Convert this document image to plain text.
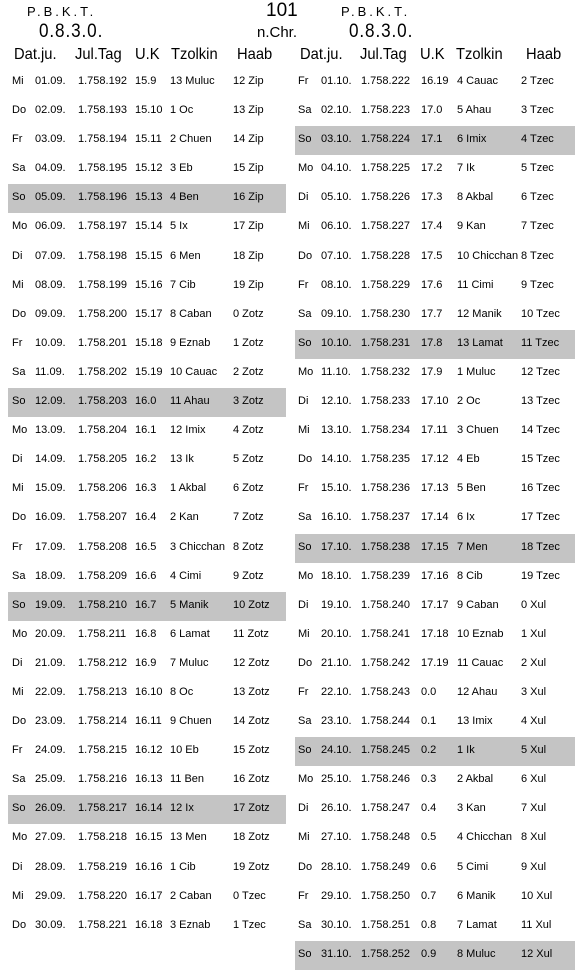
P.B.K.T.
0.8.3.0.
101
n.Chr.
P.B.K.T.
0.8.3.0.
Dat.ju. Jul.Tag U.K Tzolkin Haab Dat.ju. Jul.Tag U.K Tzolkin Haab
Mi 01.09. 1.758.192 15.9 13 Muluc 12 Zip
Do 02.09. 1.758.193 15.10 1 Oc	13 Zip
Fr 03.09. 1.758.194 15.11 2 Chuen 14 Zip
Sa 04.09. 1.758.195 15.12 3 Eb	15 Zip
So 05.09. 1.758.196 15.13 4 Ben	16 Zip
Mo 06.09. 1.758.197 15.14 5 Ix	17 Zip
Di 07.09. 1.758.198 15.15 6 Men	18 Zip
Mi 08.09. 1.758.199 15.16 7 Cib	19 Zip
Do 09.09. 1.758.200 15.17 8 Caban 0 Zotz
Fr 10.09. 1.758.201 15.18 9 Eznab 1 Zotz
Sa 11.09. 1.758.202 15.19 10 Cauac 2 Zotz
So 12.09. 1.758.203 16.0 11 Ahau 3 Zotz
Mo 13.09. 1.758.204 16.1 12 Imix	4 Zotz
Di 14.09. 1.758.205 16.2 13 Ik	5 Zotz
Mi 15.09. 1.758.206 16.3 1 Akbal 6 Zotz
Do 16.09. 1.758.207 16.4 2 Kan	7 Zotz
Fr 17.09. 1.758.208 16.5 3 Chicchan 8 Zotz
Sa 18.09. 1.758.209 16.6 4 Cimi	9 Zotz
So 19.09. 1.758.210 16.7 5 Manik 10 Zotz
Mo 20.09. 1.758.211 16.8 6 Lamat 11 Zotz
Di 21.09. 1.758.212 16.9 7 Muluc 12 Zotz
Mi 22.09. 1.758.213 16.10 8 Oc	13 Zotz
Do 23.09. 1.758.214 16.11 9 Chuen 14 Zotz
Fr 24.09. 1.758.215 16.12 10 Eb	15 Zotz
Sa 25.09. 1.758.216 16.13 11 Ben	16 Zotz
So 26.09. 1.758.217 16.14 12 Ix	17 Zotz
Mo 27.09. 1.758.218 16.15 13 Men 18 Zotz
Di 28.09. 1.758.219 16.16 1 Cib	19 Zotz
Mi 29.09. 1.758.220 16.17 2 Caban 0 Tzec
Do 30.09. 1.758.221 16.18 3 Eznab 1 Tzec
Fr 01.10. 1.758.222 16.19 4 Cauac 2 Tzec
Sa 02.10. 1.758.223 17.0 5 Ahau	3 Tzec
So 03.10. 1.758.224 17.1 6 Imix	4 Tzec
Mo 04.10. 1.758.225 17.2 7 Ik	5 Tzec
Di 05.10. 1.758.226 17.3 8 Akbal	6 Tzec
Mi 06.10. 1.758.227 17.4 9 Kan	7 Tzec
Do 07.10. 1.758.228 17.5 10 Chicchan 8 Tzec
Fr 08.10. 1.758.229 17.6 11 Cimi	9 Tzec
Sa 09.10. 1.758.230 17.7 12 Manik 10 Tzec
So 10.10. 1.758.231 17.8 13 Lamat 11 Tzec
Mo 11.10. 1.758.232 17.9 1 Muluc 12 Tzec
Di 12.10. 1.758.233 17.10 2 Oc	13 Tzec
Mi 13.10. 1.758.234 17.11 3 Chuen 14 Tzec
Do 14.10. 1.758.235 17.12 4 Eb	15 Tzec
Fr 15.10. 1.758.236 17.13 5 Ben	16 Tzec
Sa 16.10. 1.758.237 17.14 6 Ix	17 Tzec
So 17.10. 1.758.238 17.15 7 Men	18 Tzec
Mo 18.10. 1.758.239 17.16 8 Cib	19 Tzec
Di 19.10. 1.758.240 17.17 9 Caban 0 Xul
Mi 20.10. 1.758.241 17.18 10 Eznab 1 Xul
Do 21.10. 1.758.242 17.19 11 Cauac 2 Xul
Fr 22.10. 1.758.243 0.0 12 Ahau 3 Xul
Sa 23.10. 1.758.244 0.1 13 Imix	4 Xul
So 24.10. 1.758.245 0.2 1 Ik	5 Xul
Mo 25.10. 1.758.246 0.3 2 Akbal	6 Xul
Di 26.10. 1.758.247 0.4 3 Kan	7 Xul
Mi 27.10. 1.758.248 0.5 4 Chicchan 8 Xul
Do 28.10. 1.758.249 0.6 5 Cimi	9 Xul
Fr 29.10. 1.758.250 0.7 6 Manik 10 Xul
Sa 30.10. 1.758.251 0.8 7 Lamat 11 Xul
So 31.10. 1.758.252 0.9 8 Muluc 12 Xul
